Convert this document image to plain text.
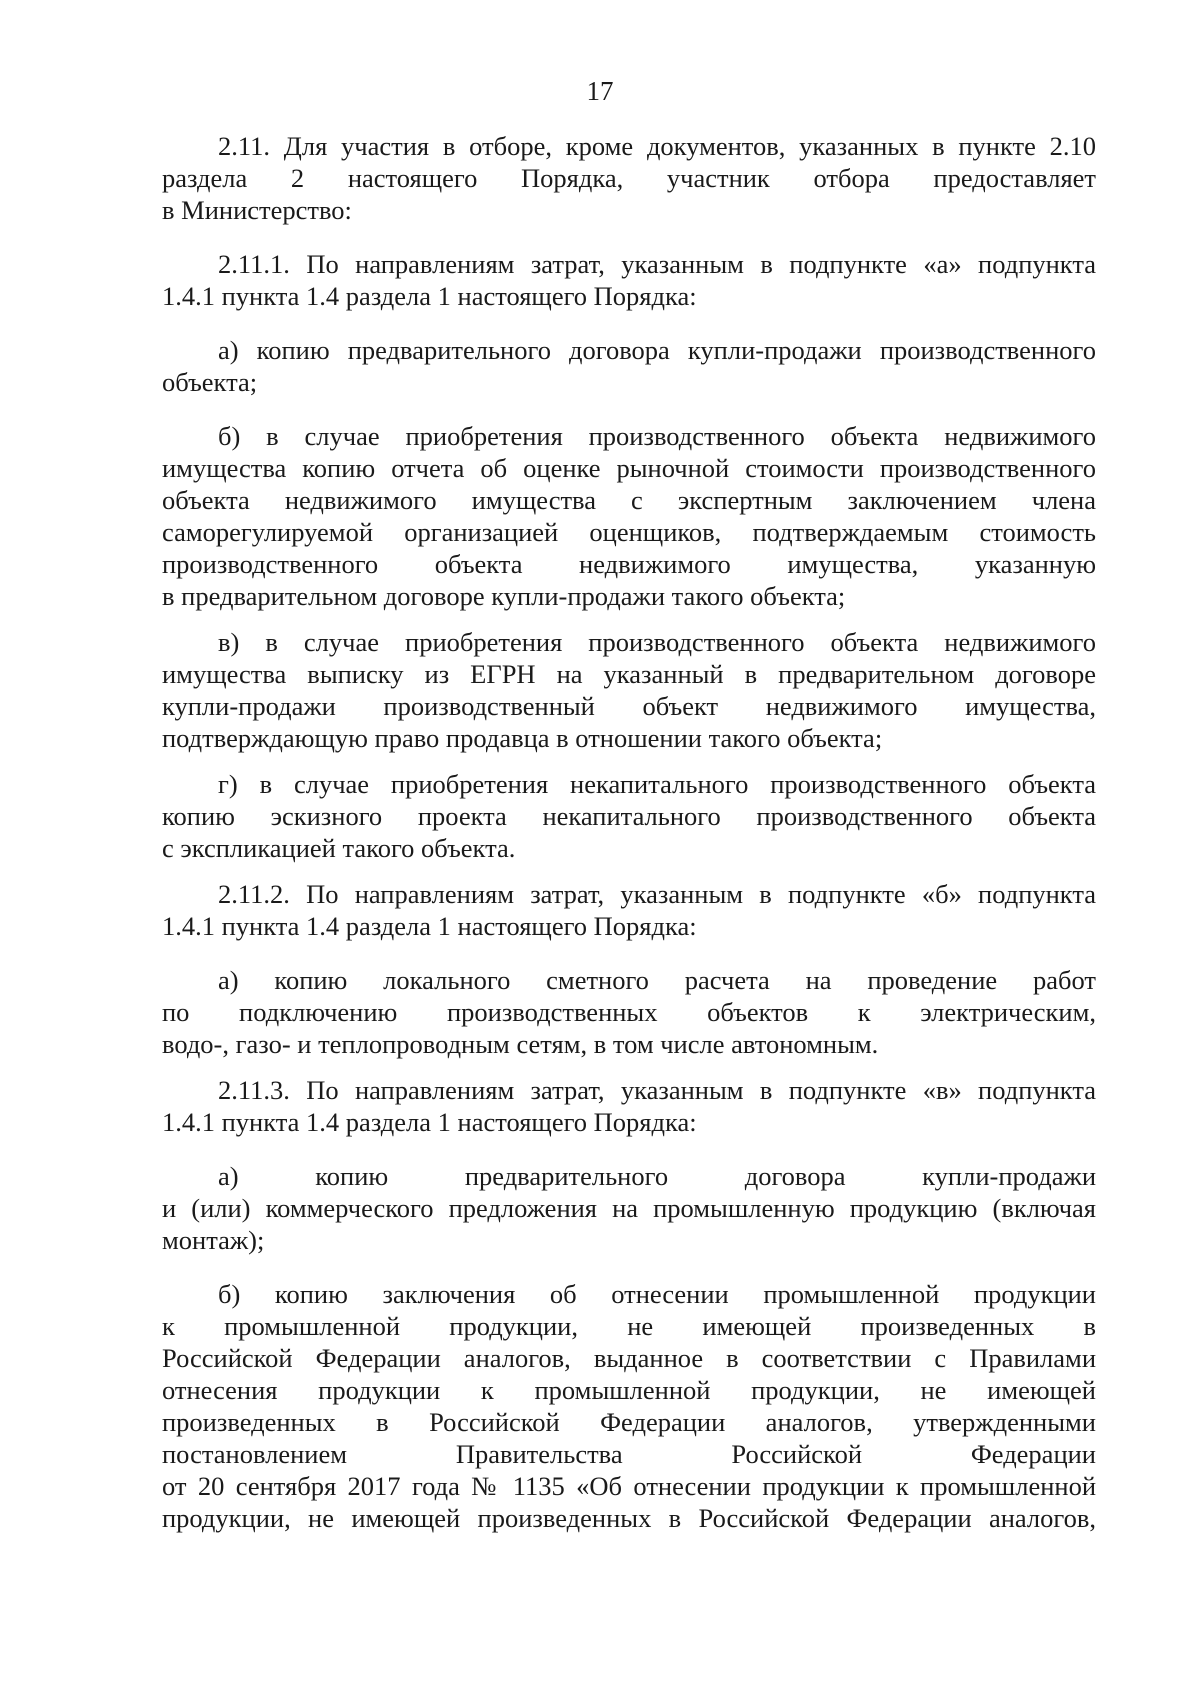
17

2.11. Для участия в отборе, кроме документов, указанных в пункте 2.10
раздела 2 настоящего Порядка, участник отбора предоставляет
в Министерство:

2.11.1. По направлениям затрат, указанным в подпункте «а» подпункта
1.4.1 пункта 1.4 раздела 1 настоящего Порядка:

а) копию предварительного договора купли-продажи производственного
объекта;

б) в случае приобретения производственного объекта недвижимого
имущества копию отчета об оценке рыночной стоимости производственного
объекта недвижимого имущества с экспертным заключением члена
саморегулируемой организацией оценщиков, подтверждаемым стоимость
производственного объекта недвижимого имущества, указанную
в предварительном договоре купли-продажи такого объекта;

в) в случае приобретения производственного объекта недвижимого
имущества выписку из ЕГРН на указанный в предварительном договоре
купли-продажи производственный объект недвижимого имущества,
подтверждающую право продавца в отношении такого объекта;

г) в случае приобретения некапитального производственного объекта
копию эскизного проекта некапитального производственного объекта
с экспликацией такого объекта.

2.11.2. По направлениям затрат, указанным в подпункте «б» подпункта
1.4.1 пункта 1.4 раздела 1 настоящего Порядка:

а) копию локального сметного расчета на проведение работ
по подключению производственных объектов к электрическим,
водо-, газо- и теплопроводным сетям, в том числе автономным.

2.11.3. По направлениям затрат, указанным в подпункте «в» подпункта
1.4.1 пункта 1.4 раздела 1 настоящего Порядка:

а) копию предварительного договора купли-продажи
и (или) коммерческого предложения на промышленную продукцию (включая
монтаж);

б) копию заключения об отнесении промышленной продукции
к промышленной продукции, не имеющей произведенных в
Российской Федерации аналогов, выданное в соответствии с Правилами
отнесения продукции к промышленной продукции, не имеющей
произведенных в Российской Федерации аналогов, утвержденными
постановлением Правительства Российской Федерации
от 20 сентября 2017 года № 1135 «Об отнесении продукции к промышленной
продукции, не имеющей произведенных в Российской Федерации аналогов,
